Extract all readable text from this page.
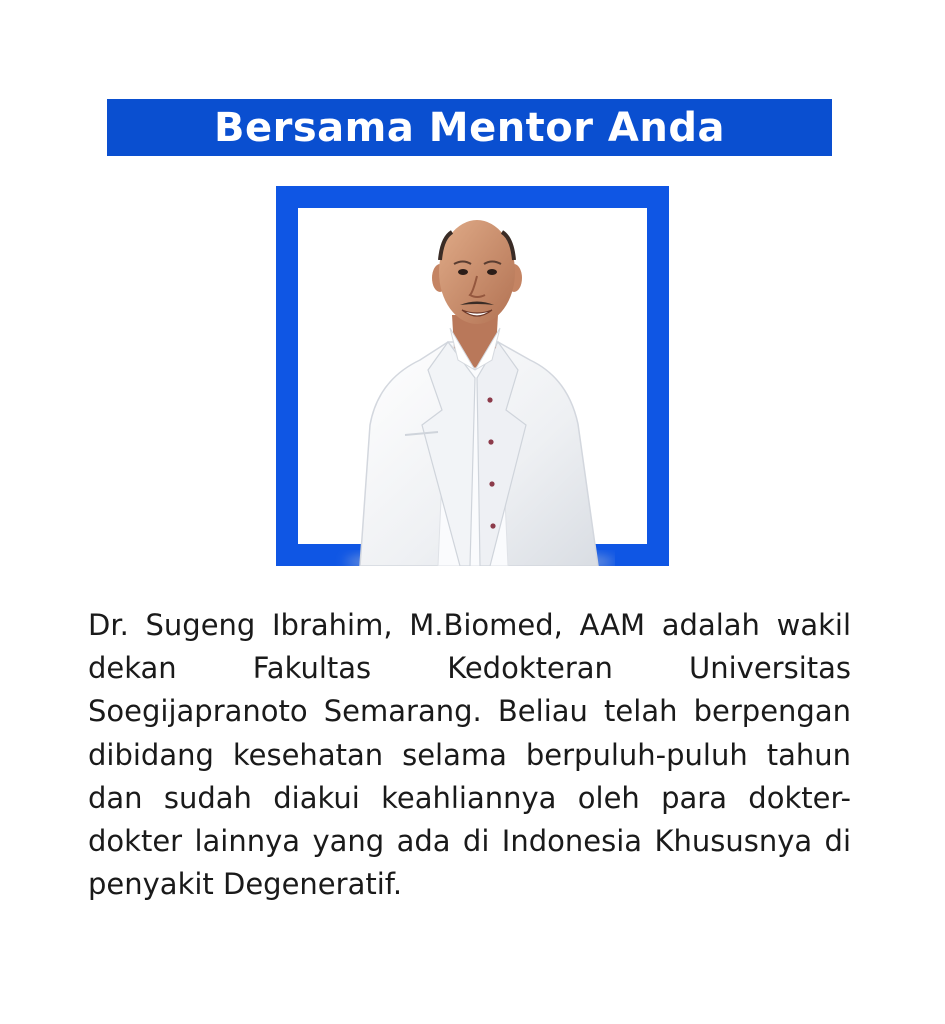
Bersama Mentor Anda

Dr. Sugeng Ibrahim, M.Biomed, AAM adalah wakil dekan Fakultas Kedokteran Universitas Soegijapranoto Semarang. Beliau telah berpengan dibidang kesehatan selama berpuluh-puluh tahun dan sudah diakui keahliannya oleh para dokter-dokter lainnya yang ada di Indonesia Khususnya di penyakit Degeneratif.
